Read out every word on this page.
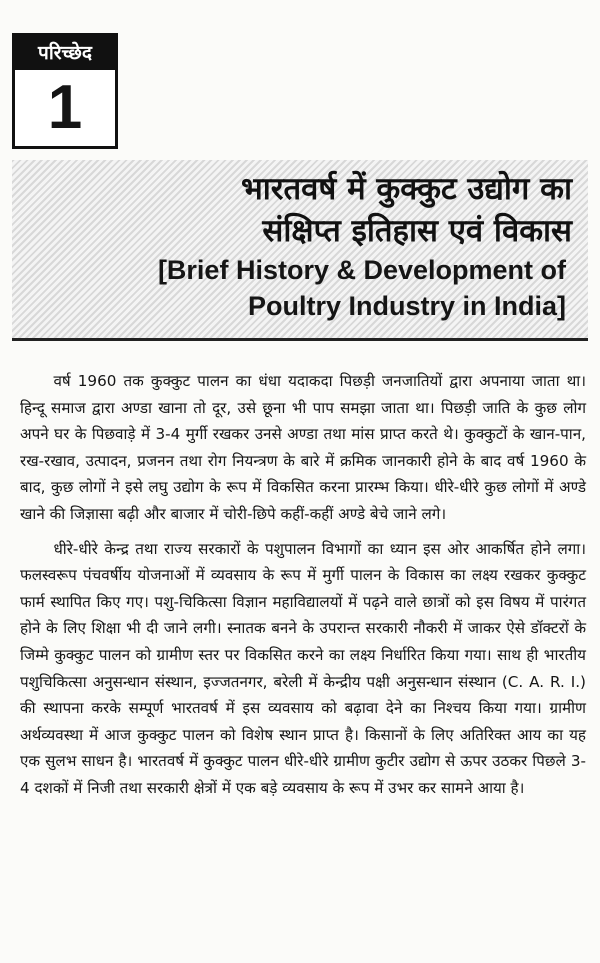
परिच्छेद
1
भारतवर्ष में कुक्कुट उद्योग का
संक्षिप्त इतिहास एवं विकास
[Brief History & Development of
Poultry Industry in India]

वर्ष 1960 तक कुक्कुट पालन का धंधा यदाकदा पिछड़ी जनजातियों द्वारा अपनाया जाता था। हिन्दू समाज द्वारा अण्डा खाना तो दूर, उसे छूना भी पाप समझा जाता था। पिछड़ी जाति के कुछ लोग अपने घर के पिछवाड़े में 3-4 मुर्गी रखकर उनसे अण्डा तथा मांस प्राप्त करते थे। कुक्कुटों के खान-पान, रख-रखाव, उत्पादन, प्रजनन तथा रोग नियन्त्रण के बारे में क्रमिक जानकारी होने के बाद वर्ष 1960 के बाद, कुछ लोगों ने इसे लघु उद्योग के रूप में विकसित करना प्रारम्भ किया। धीरे-धीरे कुछ लोगों में अण्डे खाने की जिज्ञासा बढ़ी और बाजार में चोरी-छिपे कहीं-कहीं अण्डे बेचे जाने लगे।

धीरे-धीरे केन्द्र तथा राज्य सरकारों के पशुपालन विभागों का ध्यान इस ओर आकर्षित होने लगा। फलस्वरूप पंचवर्षीय योजनाओं में व्यवसाय के रूप में मुर्गी पालन के विकास का लक्ष्य रखकर कुक्कुट फार्म स्थापित किए गए। पशु-चिकित्सा विज्ञान महाविद्यालयों में पढ़ने वाले छात्रों को इस विषय में पारंगत होने के लिए शिक्षा भी दी जाने लगी। स्नातक बनने के उपरान्त सरकारी नौकरी में जाकर ऐसे डॉक्टरों के जिम्मे कुक्कुट पालन को ग्रामीण स्तर पर विकसित करने का लक्ष्य निर्धारित किया गया। साथ ही भारतीय पशुचिकित्सा अनुसन्धान संस्थान, इज्जतनगर, बरेली में केन्द्रीय पक्षी अनुसन्धान संस्थान (C. A. R. I.) की स्थापना करके सम्पूर्ण भारतवर्ष में इस व्यवसाय को बढ़ावा देने का निश्चय किया गया। ग्रामीण अर्थव्यवस्था में आज कुक्कुट पालन को विशेष स्थान प्राप्त है। किसानों के लिए अतिरिक्त आय का यह एक सुलभ साधन है। भारतवर्ष में कुक्कुट पालन धीरे-धीरे ग्रामीण कुटीर उद्योग से ऊपर उठकर पिछले 3-4 दशकों में निजी तथा सरकारी क्षेत्रों में एक बड़े व्यवसाय के रूप में उभर कर सामने आया है।
